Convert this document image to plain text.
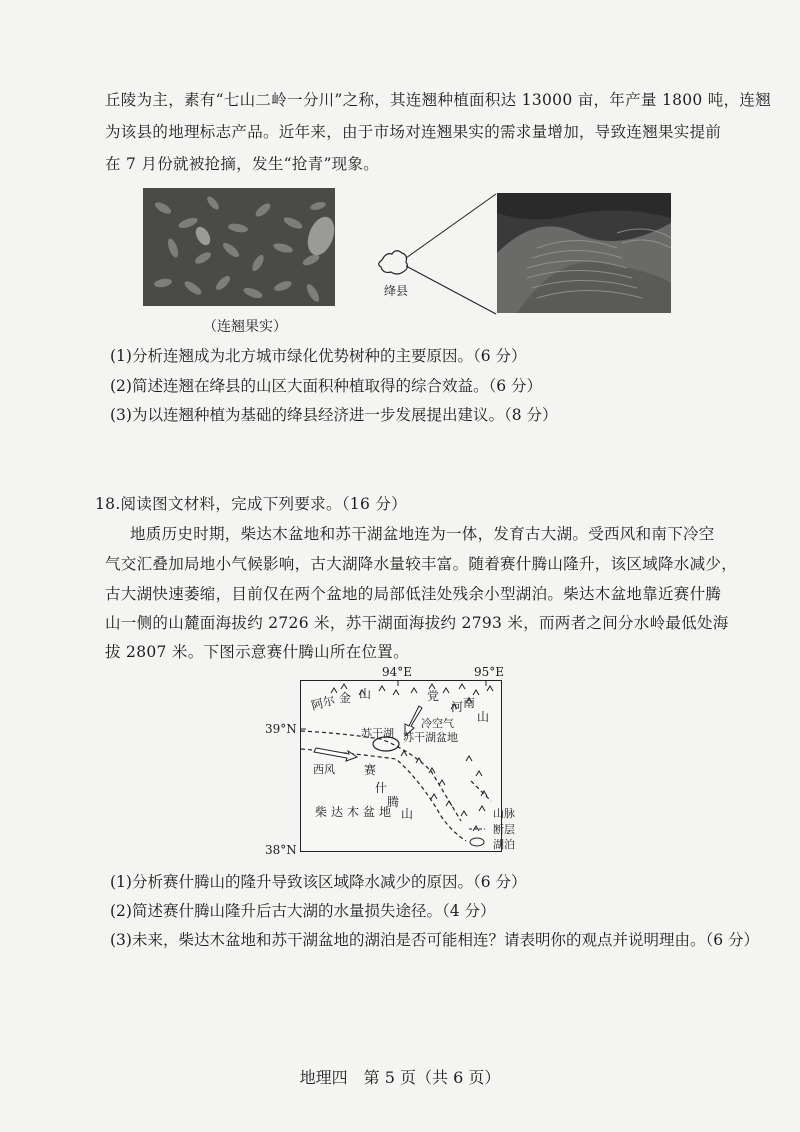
丘陵为主，素有“七山二岭一分川”之称，其连翘种植面积达 13000 亩，年产量 1800 吨，连翘
为该县的地理标志产品。近年来，由于市场对连翘果实的需求量增加，导致连翘果实提前
在 7 月份就被抢摘，发生“抢青”现象。
（连翘果实）
绛县
(1)分析连翘成为北方城市绿化优势树种的主要原因。（6 分）
(2)简述连翘在绛县的山区大面积种植取得的综合效益。（6 分）
(3)为以连翘种植为基础的绛县经济进一步发展提出建议。（8 分）
18.阅读图文材料，完成下列要求。（16 分）
地质历史时期，柴达木盆地和苏干湖盆地连为一体，发育古大湖。受西风和南下冷空
气交汇叠加局地小气候影响，古大湖降水量较丰富。随着赛什腾山隆升，该区域降水减少，
古大湖快速萎缩，目前仅在两个盆地的局部低洼处残余小型湖泊。柴达木盆地靠近赛什腾
山一侧的山麓面海拔约 2726 米，苏干湖面海拔约 2793 米，而两者之间分水岭最低处海
拔 2807 米。下图示意赛什腾山所在位置。
94°E	95°E
39°N
38°N
阿尔 金 山	党
河 南
山
冷空气
苏干湖 苏干湖盆地
西风 赛
什
腾
山
柴达木盆地	山脉
断层
湖泊
(1)分析赛什腾山的隆升导致该区域降水减少的原因。（6 分）
(2)简述赛什腾山隆升后古大湖的水量损失途径。（4 分）
(3)未来，柴达木盆地和苏干湖盆地的湖泊是否可能相连？请表明你的观点并说明理由。（6 分）
地理四　第 5 页（共 6 页）
